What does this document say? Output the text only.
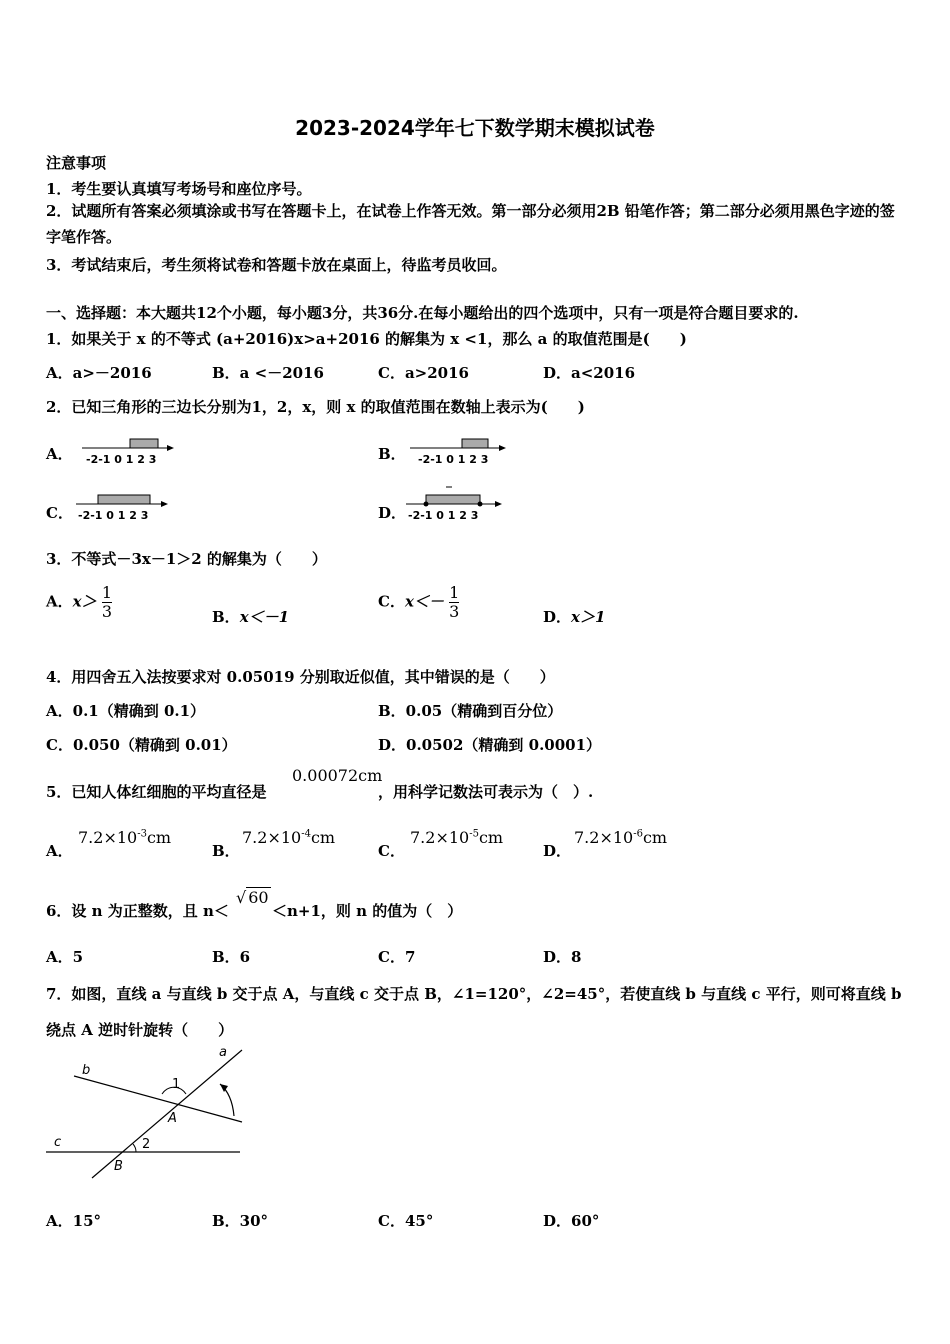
2023-2024学年七下数学期末模拟试卷
注意事项
1．考生要认真填写考场号和座位序号。
2．试题所有答案必须填涂或书写在答题卡上，在试卷上作答无效。第一部分必须用2B 铅笔作答；第二部分必须用黑色字迹的签字笔作答。
3．考试结束后，考生须将试卷和答题卡放在桌面上，待监考员收回。
一、选择题：本大题共12个小题，每小题3分，共36分.在每小题给出的四个选项中，只有一项是符合题目要求的.
1．如果关于 x 的不等式 (a+2016)x>a+2016 的解集为 x <1，那么 a 的取值范围是(　　)
A．a>－2016	B．a <－2016	C．a>2016	D．a<2016
2．已知三角形的三边长分别为1，2，x，则 x 的取值范围在数轴上表示为(　　)
A． -2-1 0 1 2 3	B． -2-1 0 1 2 3
C． -2-1 0 1 2 3	D． -2-1 0 1 2 3
3．不等式－3x－1＞2 的解集为（　　）
A．$x> \frac{1}{3}$	B．x＜－1
C．$x<- \frac{1}{3}$	D．x＞1
4．用四舍五入法按要求对 0.05019 分别取近似值，其中错误的是（　　）
A．0.1（精确到 0.1）	B．0.05（精确到百分位）
C．0.050（精确到 0.01）	D．0.0502（精确到 0.0001）
5．已知人体红细胞的平均直径是
0.00072cm
，用科学记数法可表示为（　）.
A．
$7.2\times 10^{-3}cm$
B．
$7.2\times 10^{-4}cm$
C．
$7.2\times 10^{-5}cm$
D．
$7.2\times 10^{-6}cm$
6．设 n 为正整数，且 n＜
√ 60
＜n+1，则 n 的值为（　）
A．5	B．6	C．7	D．8
7．如图，直线 a 与直线 b 交于点 A，与直线 c 交于点 B，∠1=120°，∠2=45°，若使直线 b 与直线 c 平行，则可将直线 b 绕点 A 逆时针旋转（　　）
a
b
c
A
B
1
2
A．15°	B．30°	C．45°	D．60°
